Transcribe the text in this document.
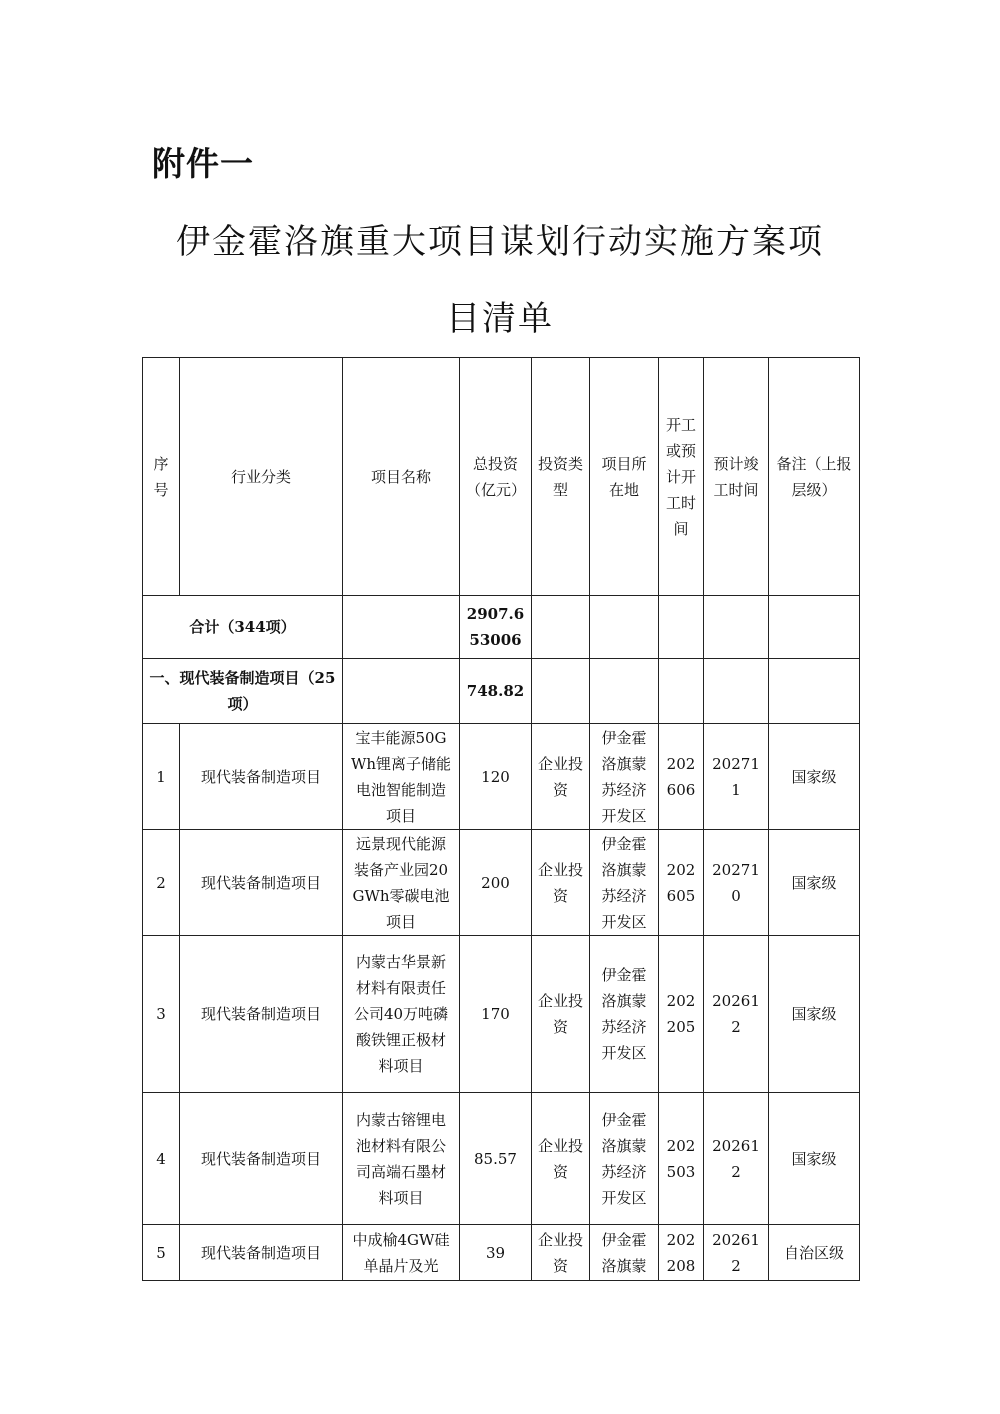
附件一
伊金霍洛旗重大项目谋划行动实施方案项
目清单
序号	行业分类	项目名称	总投资（亿元）	投资类型	项目所在地	开工或预计开工时间	预计竣工时间	备注（上报层级）
合计（344项）			2907.653006					
一、现代装备制造项目（25项）			748.82					
1	现代装备制造项目	宝丰能源50GWh锂离子储能电池智能制造项目	120	企业投资	伊金霍洛旗蒙苏经济开发区	202606	202711	国家级
2	现代装备制造项目	远景现代能源装备产业园20GWh零碳电池项目	200	企业投资	伊金霍洛旗蒙苏经济开发区	202605	202710	国家级
3	现代装备制造项目	内蒙古华景新材料有限责任公司40万吨磷酸铁锂正极材料项目	170	企业投资	伊金霍洛旗蒙苏经济开发区	202205	202612	国家级
4	现代装备制造项目	内蒙古镕锂电池材料有限公司高端石墨材料项目	85.57	企业投资	伊金霍洛旗蒙苏经济开发区	202503	202612	国家级
5	现代装备制造项目	中成榆4GW硅单晶片及光	39	企业投资	伊金霍洛旗蒙	202208	202612	自治区级
